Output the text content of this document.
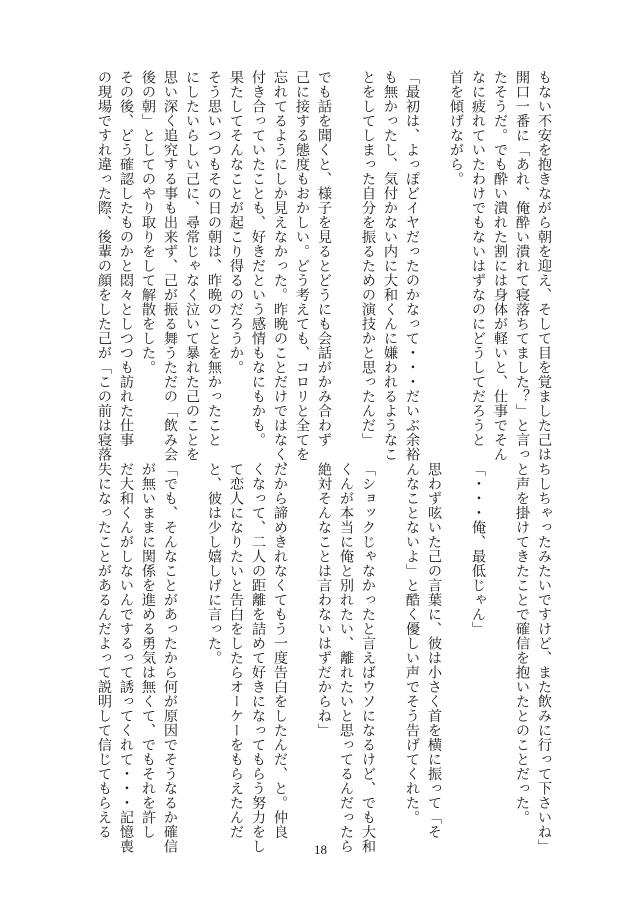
もない不安を抱きながら朝を迎え、そして目を覚ました己は
開口一番に「あれ、俺酔い潰れて寝落ちてました？」と言っ
たそうだ。でも酔い潰れた割には身体が軽いと、仕事でそん
なに疲れていたわけでもないはずなのにどうしてだろうと
首を傾げながら。
「最初は、よっぽどイヤだったのかなって・・・だいぶ余裕
も無かったし、気付かない内に大和くんに嫌われるようなこ
とをしてしまった自分を振るための演技かと思ったんだ」
でも話を聞くと、様子を見るとどうにも会話がかみ合わず
己に接する態度もおかしい。どう考えても、コロリと全てを
忘れてるようにしか見えなかった。昨晩のことだけではなく、
付き合っていたことも、好きだという感情もなにもかも。
果たしてそんなことが起こり得るのだろうか。
そう思いつつもその日の朝は、昨晩のことを無かったこと
にしたいらしい己に、尋常じゃなく泣いて暴れた己のことを
思い深く追究する事も出来ず、己が振る舞うただの「飲み会
後の朝」としてのやり取りをして解散をした。
その後、どう確認したものかと悶々としつつも訪れた仕事
の現場ですれ違った際、後輩の顔をした己が「この前は寝落
ちしちゃったみたいですけど、また飲みに行って下さいね」
と声を掛けてきたことで確信を抱いたとのことだった。
「・・・俺、最低じゃん」
思わず呟いた己の言葉に、彼は小さく首を横に振って「そ
んなことないよ」と酷く優しい声でそう告げてくれた。
「ショックじゃなかったと言えばウソになるけど、でも大和
くんが本当に俺と別れたい、離れたいと思ってるんだったら
絶対そんなことは言わないはずだからね」
だから諦めきれなくてもう一度告白をしたんだ、と。仲良
くなって、二人の距離を詰めて好きになってもらう努力をし
て恋人になりたいと告白をしたらオーケーをもらえたんだ
と、彼は少し嬉しげに言った。
「でも、そんなことがあったから何が原因でそうなるか確信
が無いままに関係を進める勇気は無くて、でもそれを許し
だ大和くんがしないんでするって誘ってくれて・・・記憶喪
失になったことがあるんだよって説明して信じてもらえる
18
